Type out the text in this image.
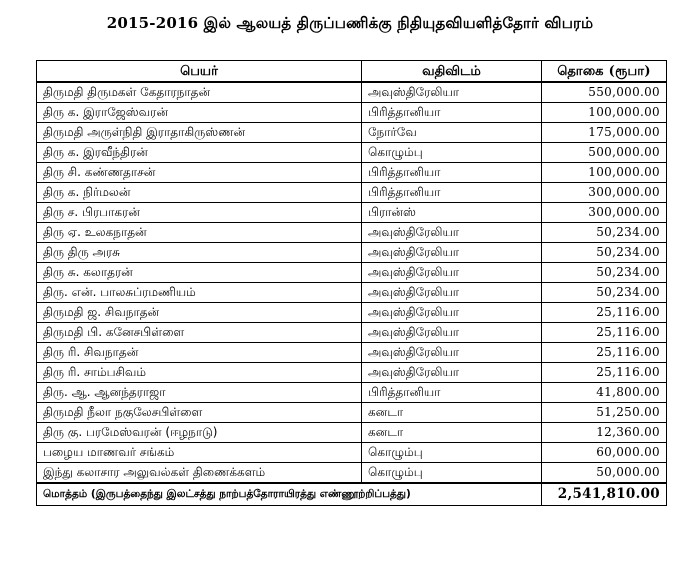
2015-2016 இல் ஆலயத் திருப்பணிக்கு நிதியுதவியளித்தோர் விபரம்
பெயர்	வதிவிடம்	தொகை (ரூபா)
திருமதி திருமகள் கேதாரநாதன்	அவுஸ்திரேலியா	550,000.00
திரு க. இராஜேஸ்வரன்	பிரித்தானியா	100,000.00
திருமதி அருள்நிதி இராதாகிருஸ்ணன்	நோர்வே	175,000.00
திரு க. இரவீந்திரன்	கொழும்பு	500,000.00
திரு சி. கண்ணதாசன்	பிரித்தானியா	100,000.00
திரு க. நிர்மலன்	பிரித்தானியா	300,000.00
திரு ச. பிரபாகரன்	பிரான்ஸ்	300,000.00
திரு ஏ. உலகநாதன்	அவுஸ்திரேலியா	50,234.00
திரு திரு அரசு	அவுஸ்திரேலியா	50,234.00
திரு சு. கலாதரன்	அவுஸ்திரேலியா	50,234.00
திரு. என். பாலசுப்ரமணியம்	அவுஸ்திரேலியா	50,234.00
திருமதி ஜ. சிவநாதன்	அவுஸ்திரேலியா	25,116.00
திருமதி பி. கனேசபிள்ளை	அவுஸ்திரேலியா	25,116.00
திரு ரி. சிவநாதன்	அவுஸ்திரேலியா	25,116.00
திரு ரி. சாம்பசிவம்	அவுஸ்திரேலியா	25,116.00
திரு. ஆ. ஆனந்தராஜா	பிரித்தானியா	41,800.00
திருமதி நீலா நகுலேசபிள்ளை	கனடா	51,250.00
திரு கு. பரமேஸ்வரன் (ஈழநாடு)	கனடா	12,360.00
பழைய மாணவர் சங்கம்	கொழும்பு	60,000.00
இந்து கலாசார அலுவல்கள் திணைக்களம்	கொழும்பு	50,000.00
மொத்தம் (இருபத்தைந்து இலட்சத்து நாற்பத்தோராயிரத்து எண்ணூற்றிப்பத்து)		2,541,810.00
